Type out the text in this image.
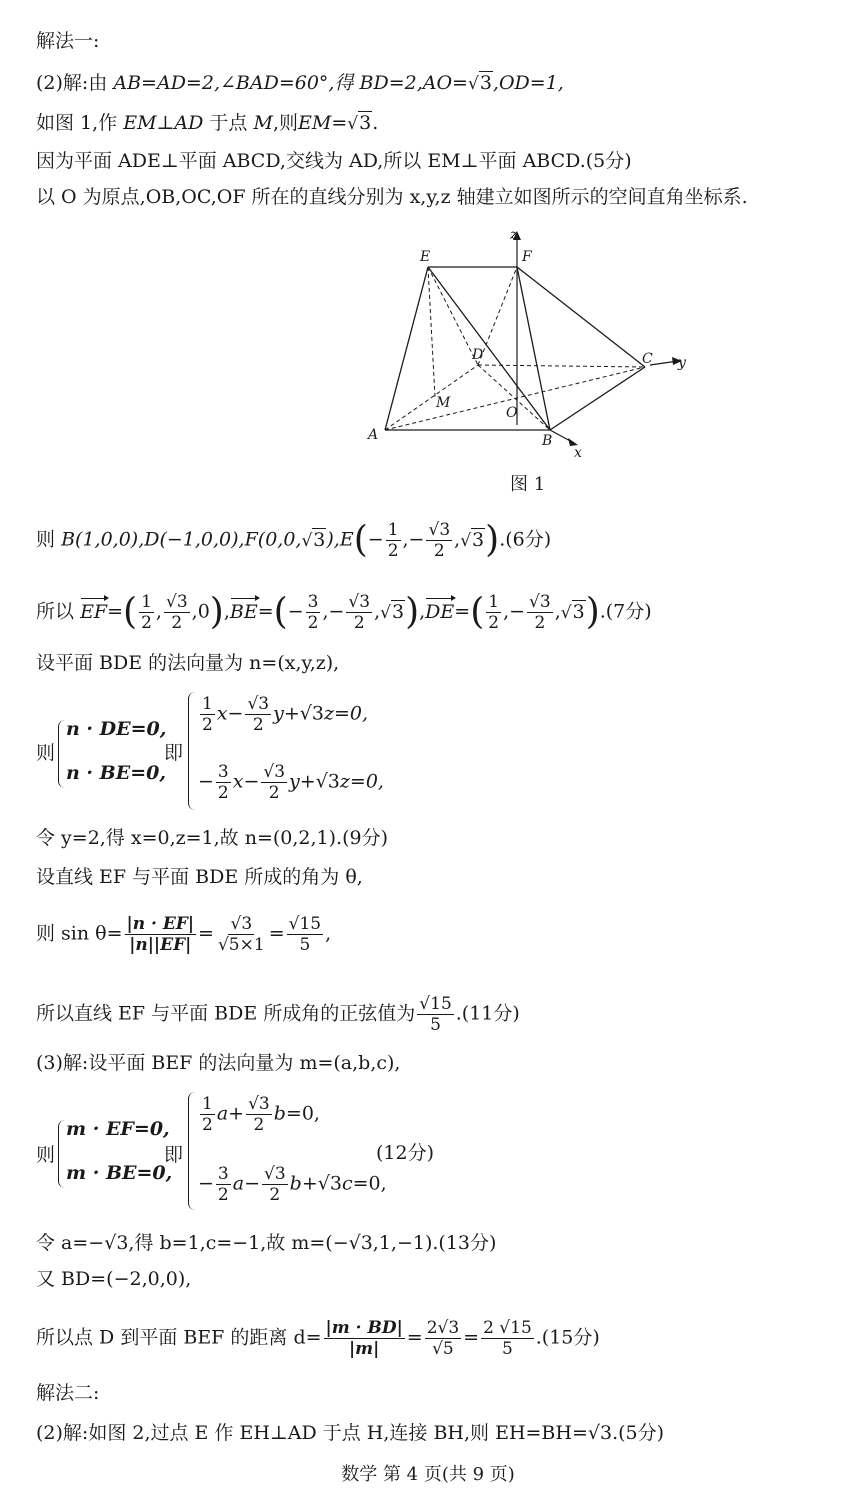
解法一:
(2)解:由 AB=AD=2,∠BAD=60°,得 BD=2,AO=√3,OD=1,
如图 1,作 EM⊥AD 于点 M,则EM=√3.
因为平面 ADE⊥平面 ABCD,交线为 AD,所以 EM⊥平面 ABCD.(5分)
以 O 为原点,OB,OC,OF 所在的直线分别为 x,y,z 轴建立如图所示的空间直角坐标系.
E	F
z
D	C y
M
O
A	B
x
图 1
则 $B(1,0,0),D(-1,0,0),F(0,0,√3),E(- \frac{1}{2}$ ,− $\frac{√3}{2} ,√3).(6$分)
所以 $EF=( \frac{1}{2}$ , $\frac{√3}{2} ,0),BE=(- \frac{3}{2}$ ,− $\frac{√3}{2} ,√3),DE=( \frac{1}{2}$ ,− $\frac{√3}{2} ,√3).(7$分)
设平面 BDE 的法向量为 n=(x,y,z),
则
n · DE=0,
n · BE=0,
即
$\frac{1}{2} x- \frac{√3}{2} y+√3z=0$,
− $\frac{3}{2} x- \frac{√3}{2} y+√3z=0$,
令 y=2,得 x=0,z=1,故 n=(0,2,1).(9分)
设直线 EF 与平面 BDE 所成的角为 θ,
则 $\sin \theta= \frac{|n \cdot EF|}{|n||EF|} = \frac{√3}{√5\times 1} = \frac{√15}{5}$ ,
所以直线 EF 与平面 BDE 所成角的正弦值为 $\frac{√15}{5} .(11$分)
(3)解:设平面 BEF 的法向量为 m=(a,b,c),
则
m · EF=0,
m · BE=0,
即
$\frac{1}{2} a+ \frac{√3}{2} b=0$,
− $\frac{3}{2} a- \frac{√3}{2} b+√3c=0$,
(12分)
令 a=−√3,得 b=1,c=−1,故 m=(−√3,1,−1).(13分)
又 BD=(−2,0,0),
所以点 D 到平面 BEF 的距离 $d= \frac{|m \cdot BD|}{|m|} = \frac{2√3}{√5} = \frac{2 √15}{5} .(15$分)
解法二:
(2)解:如图 2,过点 E 作 EH⊥AD 于点 H,连接 BH,则 EH=BH=√3.(5分)
数学 第 4 页(共 9 页)
